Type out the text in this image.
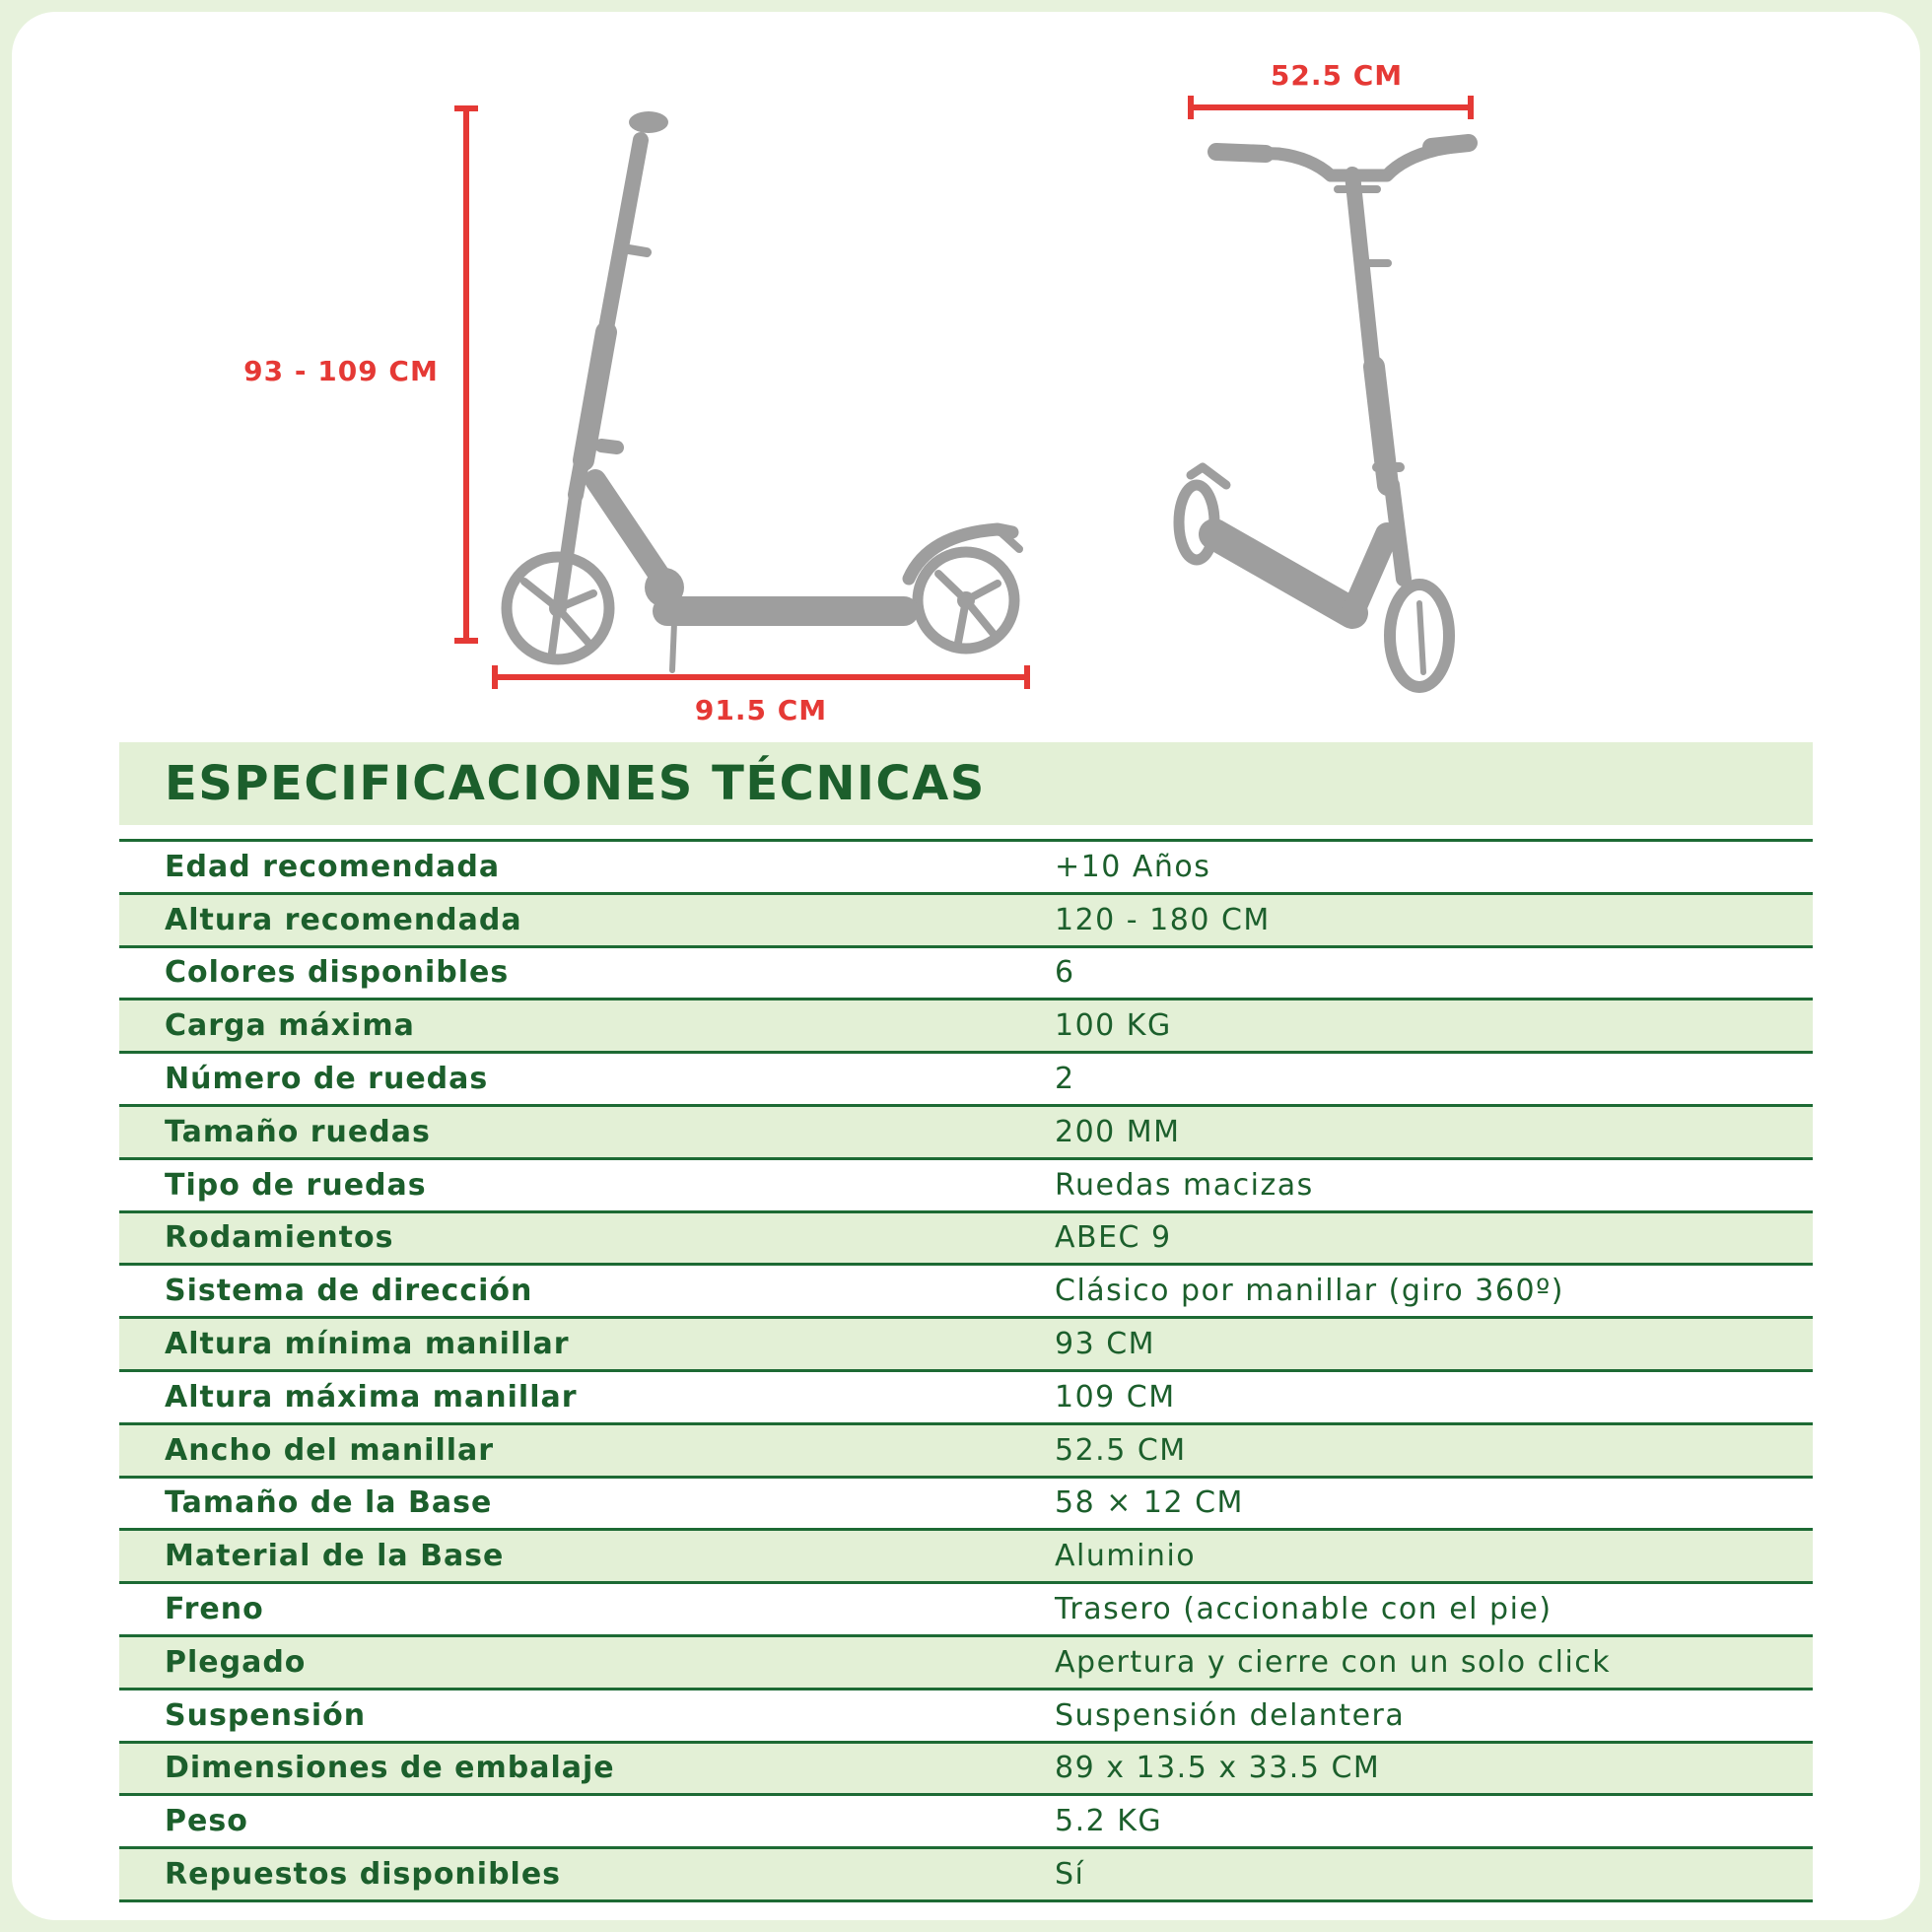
93 - 109 CM
91.5 CM
52.5 CM
ESPECIFICACIONES TÉCNICAS
Edad recomendada	+10 Años
Altura recomendada	120 - 180 CM
Colores disponibles	6
Carga máxima	100 KG
Número de ruedas	2
Tamaño ruedas	200 MM
Tipo de ruedas	Ruedas macizas
Rodamientos	ABEC 9
Sistema de dirección	Clásico por manillar (giro 360º)
Altura mínima manillar	93 CM
Altura máxima manillar	109 CM
Ancho del manillar	52.5 CM
Tamaño de la Base	58 × 12 CM
Material de la Base	Aluminio
Freno	Trasero (accionable con el pie)
Plegado	Apertura y cierre con un solo click
Suspensión	Suspensión delantera
Dimensiones de embalaje	89 x 13.5 x 33.5 CM
Peso	5.2 KG
Repuestos disponibles	Sí
